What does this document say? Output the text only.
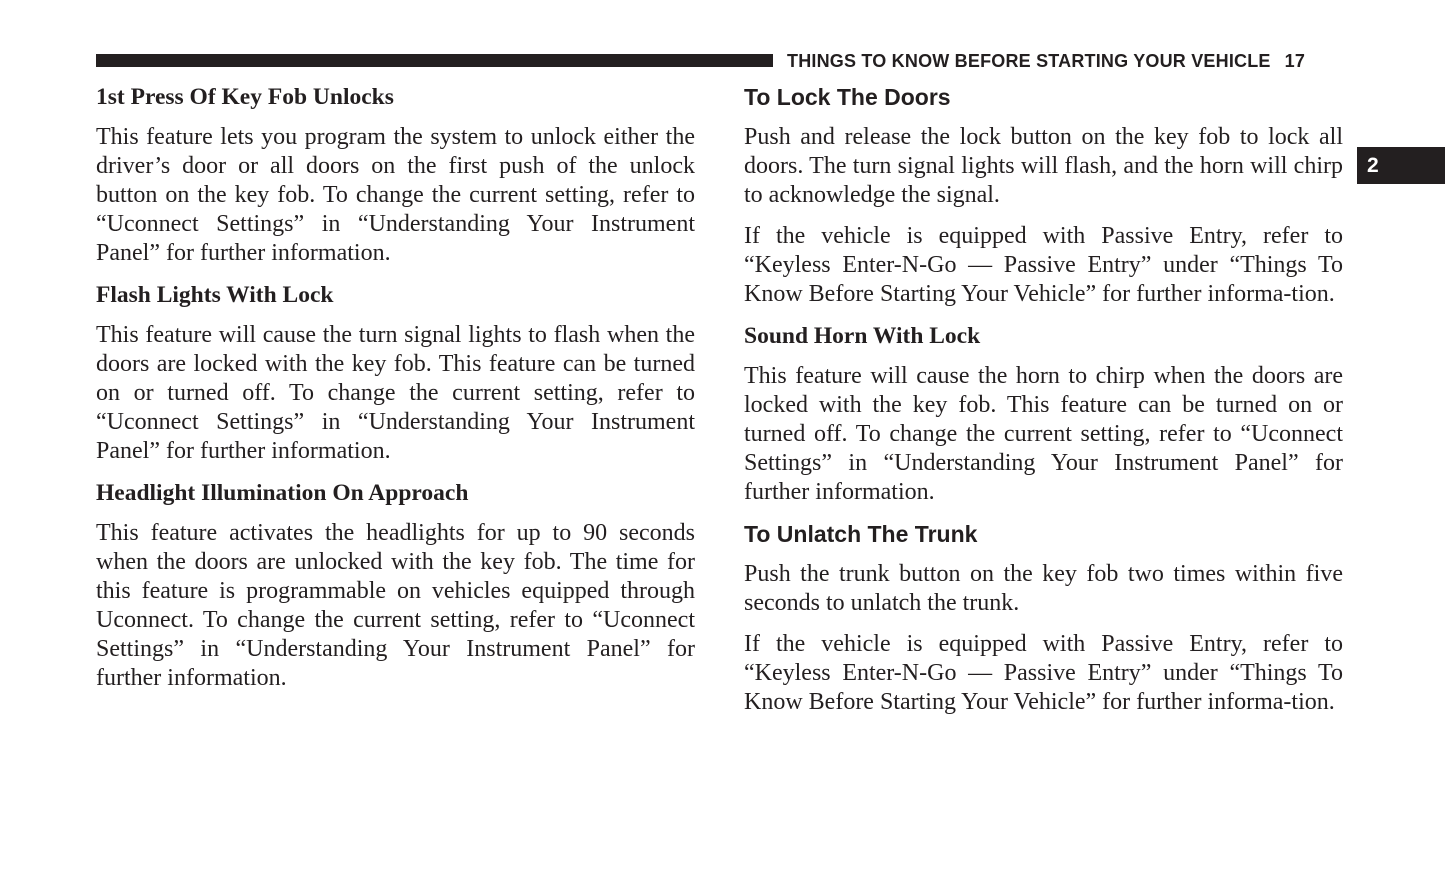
THINGS TO KNOW BEFORE STARTING YOUR VEHICLE 17
2
1st Press Of Key Fob Unlocks

This feature lets you program the system to unlock either the driver’s door or all doors on the first push of the unlock button on the key fob. To change the current setting, refer to “Uconnect Settings” in “Understanding Your Instrument Panel” for further information.

Flash Lights With Lock

This feature will cause the turn signal lights to flash when the doors are locked with the key fob. This feature can be turned on or turned off. To change the current setting, refer to “Uconnect Settings” in “Understanding Your Instrument Panel” for further information.

Headlight Illumination On Approach

This feature activates the headlights for up to 90 seconds when the doors are unlocked with the key fob. The time for this feature is programmable on vehicles equipped through Uconnect. To change the current setting, refer to “Uconnect Settings” in “Understanding Your Instrument Panel” for further information.

To Lock The Doors

Push and release the lock button on the key fob to lock all doors. The turn signal lights will flash, and the horn will chirp to acknowledge the signal.

If the vehicle is equipped with Passive Entry, refer to “Keyless Enter-N-Go — Passive Entry” under “Things To Know Before Starting Your Vehicle” for further informa-tion.

Sound Horn With Lock

This feature will cause the horn to chirp when the doors are locked with the key fob. This feature can be turned on or turned off. To change the current setting, refer to “Uconnect Settings” in “Understanding Your Instrument Panel” for further information.

To Unlatch The Trunk

Push the trunk button on the key fob two times within five seconds to unlatch the trunk.

If the vehicle is equipped with Passive Entry, refer to “Keyless Enter-N-Go — Passive Entry” under “Things To Know Before Starting Your Vehicle” for further informa-tion.
